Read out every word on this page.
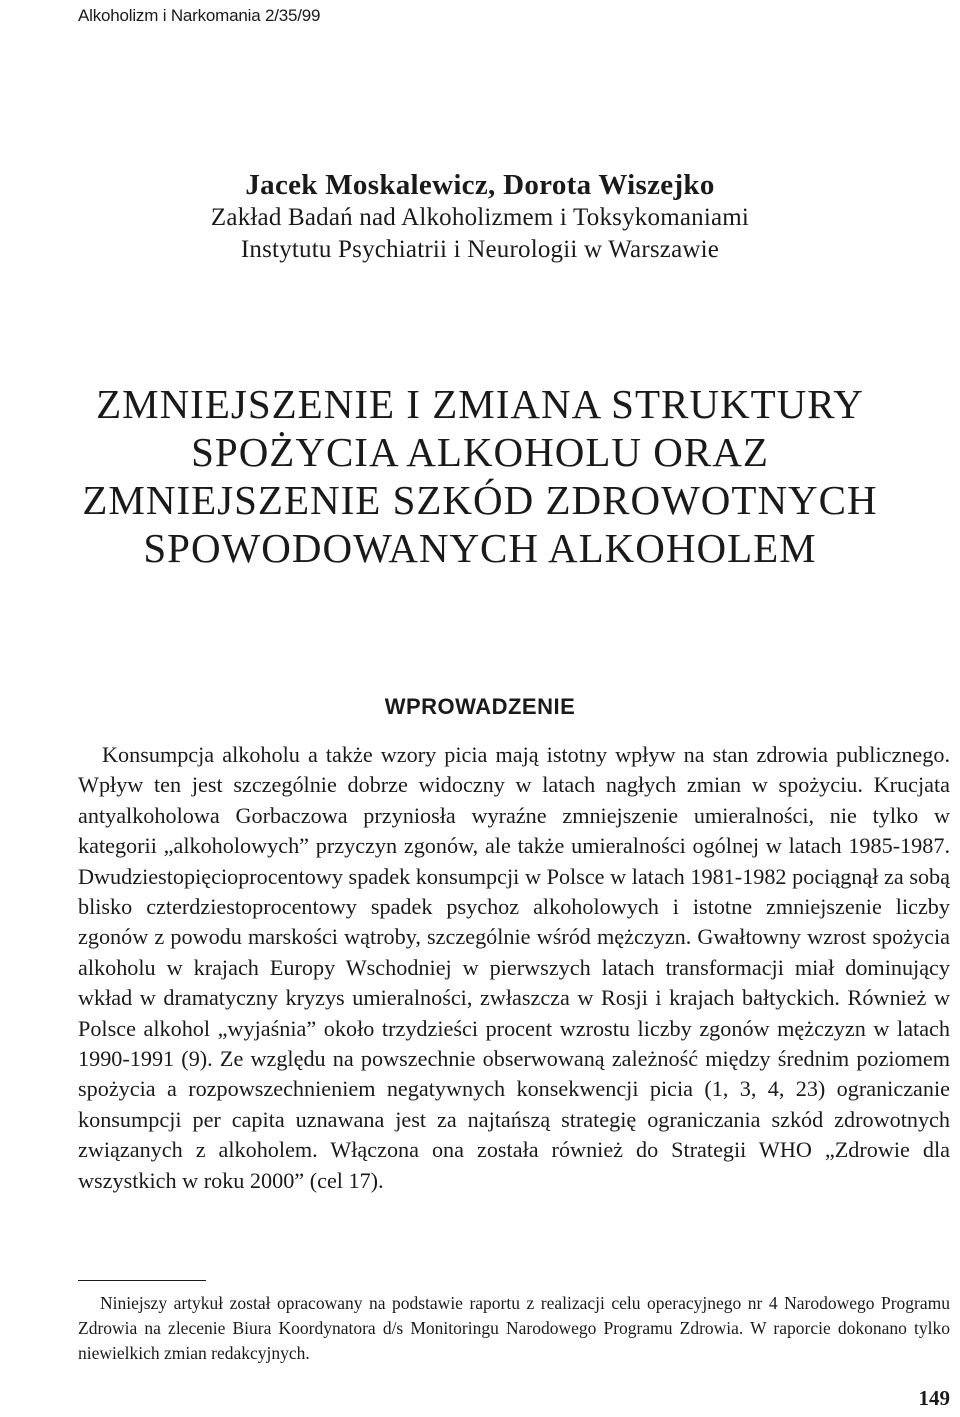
Alkoholizm i Narkomania 2/35/99
Jacek Moskalewicz, Dorota Wiszejko
Zakład Badań nad Alkoholizmem i Toksykomaniami
Instytutu Psychiatrii i Neurologii w Warszawie
ZMNIEJSZENIE I ZMIANA STRUKTURY
SPOŻYCIA ALKOHOLU ORAZ
ZMNIEJSZENIE SZKÓD ZDROWOTNYCH
SPOWODOWANYCH ALKOHOLEM
WPROWADZENIE

Konsumpcja alkoholu a także wzory picia mają istotny wpływ na stan zdrowia publicznego. Wpływ ten jest szczególnie dobrze widoczny w latach nagłych zmian w spożyciu. Krucjata antyalkoholowa Gorbaczowa przyniosła wyraźne zmniejszenie umieralności, nie tylko w kategorii „alkoholowych” przyczyn zgonów, ale także umieralności ogólnej w latach 1985-1987. Dwudziestopięcioprocentowy spadek konsumpcji w Polsce w latach 1981-1982 pociągnął za sobą blisko czterdziestoprocentowy spadek psychoz alkoholowych i istotne zmniejszenie liczby zgonów z powodu marskości wątroby, szczególnie wśród mężczyzn. Gwałtowny wzrost spożycia alkoholu w krajach Europy Wschodniej w pierwszych latach transformacji miał dominujący wkład w dramatyczny kryzys umieralności, zwłaszcza w Rosji i krajach bałtyckich. Również w Polsce alkohol „wyjaśnia” około trzydzieści procent wzrostu liczby zgonów mężczyzn w latach 1990-1991 (9). Ze względu na powszechnie obserwowaną zależność między średnim poziomem spożycia a rozpowszechnieniem negatywnych konsekwencji picia (1, 3, 4, 23) ograniczanie konsumpcji per capita uznawana jest za najtańszą strategię ograniczania szkód zdrowotnych związanych z alkoholem. Włączona ona została również do Strategii WHO „Zdrowie dla wszystkich w roku 2000” (cel 17).

Niniejszy artykuł został opracowany na podstawie raportu z realizacji celu operacyjnego nr 4 Narodowego Programu Zdrowia na zlecenie Biura Koordynatora d/s Monitoringu Narodowego Programu Zdrowia. W raporcie dokonano tylko niewielkich zmian redakcyjnych.

149
